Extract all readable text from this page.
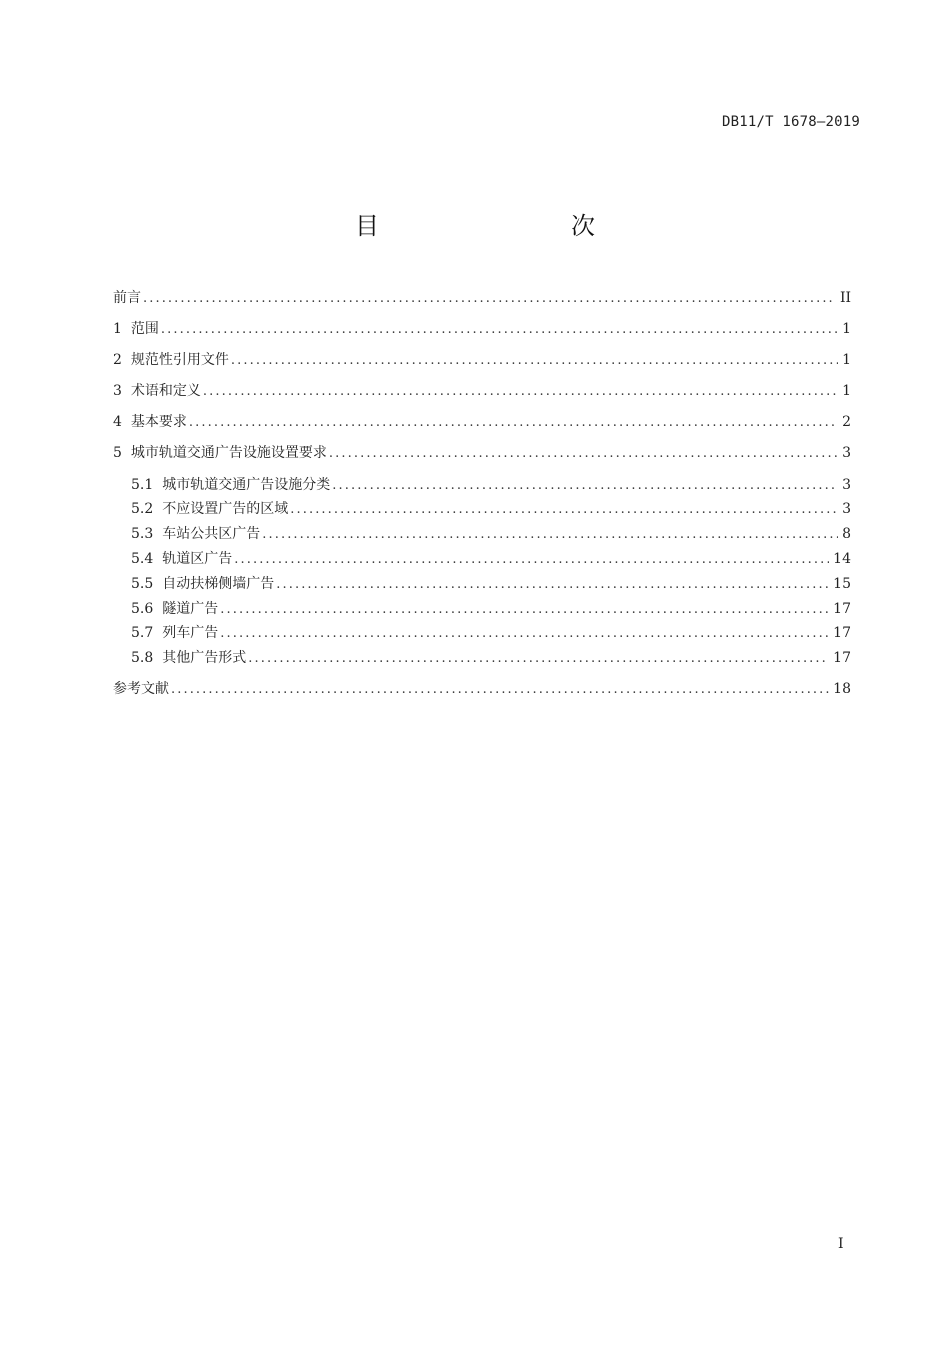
DB11/T 1678—2019
目　　次
前言 .....	II
1 范围 .....	1
2 规范性引用文件 .....	1
3 术语和定义 .....	1
4 基本要求 .....	2
5 城市轨道交通广告设施设置要求 .....	3
5.1 城市轨道交通广告设施分类 .....	3
5.2 不应设置广告的区域 .....	3
5.3 车站公共区广告 .....	8
5.4 轨道区广告 .....	14
5.5 自动扶梯侧墙广告 .....	15
5.6 隧道广告 .....	17
5.7 列车广告 .....	17
5.8 其他广告形式 .....	17
参考文献 .....	18
I
